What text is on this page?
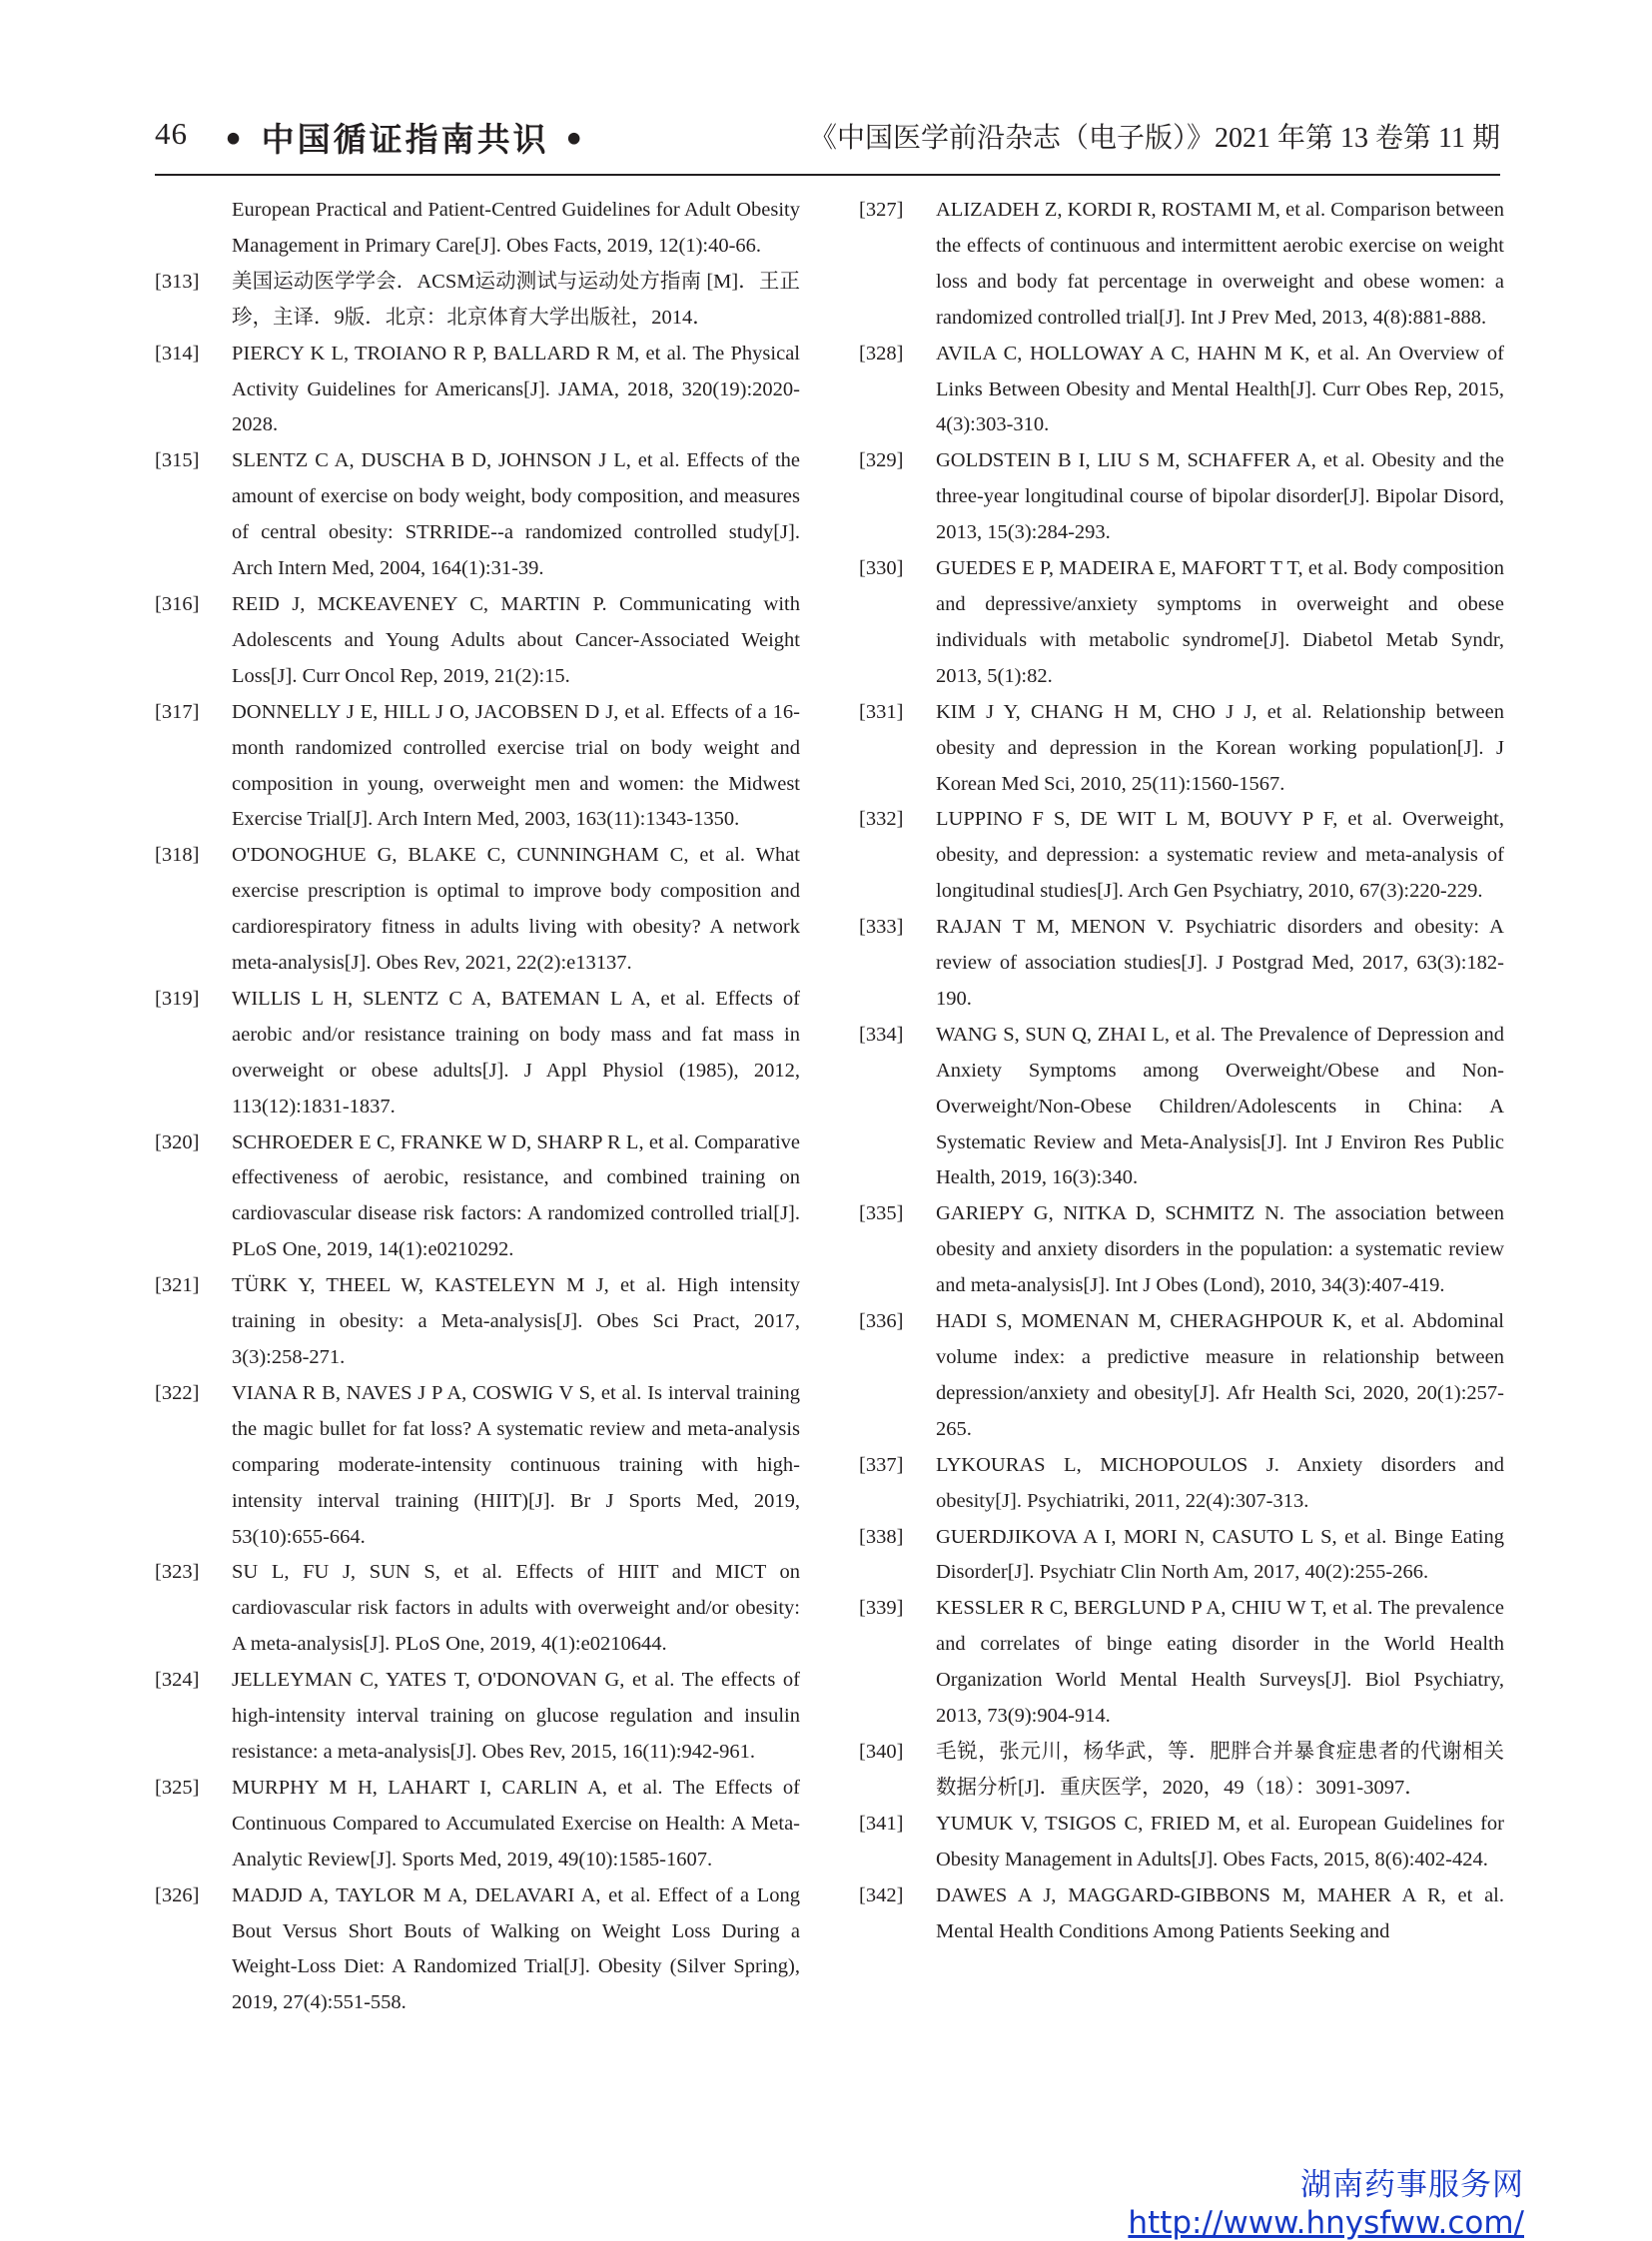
46 • 中国循证指南共识 •	《中国医学前沿杂志（电子版）》2021 年第 13 卷第 11 期
European Practical and Patient-Centred Guidelines for Adult Obesity Management in Primary Care[J]. Obes Facts, 2019, 12(1):40-66.

[313] 美国运动医学学会．ACSM运动测试与运动处方指南 [M]．王正珍，主译．9版．北京：北京体育大学出版社，2014．

[314] PIERCY K L, TROIANO R P, BALLARD R M, et al. The Physical Activity Guidelines for Americans[J]. JAMA, 2018, 320(19):2020-2028.

[315] SLENTZ C A, DUSCHA B D, JOHNSON J L, et al. Effects of the amount of exercise on body weight, body composition, and measures of central obesity: STRRIDE--a randomized controlled study[J]. Arch Intern Med, 2004, 164(1):31-39.

[316] REID J, MCKEAVENEY C, MARTIN P. Communicating with Adolescents and Young Adults about Cancer-Associated Weight Loss[J]. Curr Oncol Rep, 2019, 21(2):15.

[317] DONNELLY J E, HILL J O, JACOBSEN D J, et al. Effects of a 16-month randomized controlled exercise trial on body weight and composition in young, overweight men and women: the Midwest Exercise Trial[J]. Arch Intern Med, 2003, 163(11):1343-1350.

[318] O'DONOGHUE G, BLAKE C, CUNNINGHAM C, et al. What exercise prescription is optimal to improve body composition and cardiorespiratory fitness in adults living with obesity? A network meta-analysis[J]. Obes Rev, 2021, 22(2):e13137.

[319] WILLIS L H, SLENTZ C A, BATEMAN L A, et al. Effects of aerobic and/or resistance training on body mass and fat mass in overweight or obese adults[J]. J Appl Physiol (1985), 2012, 113(12):1831-1837.

[320] SCHROEDER E C, FRANKE W D, SHARP R L, et al. Comparative effectiveness of aerobic, resistance, and combined training on cardiovascular disease risk factors: A randomized controlled trial[J]. PLoS One, 2019, 14(1):e0210292.

[321] TÜRK Y, THEEL W, KASTELEYN M J, et al. High intensity training in obesity: a Meta-analysis[J]. Obes Sci Pract, 2017, 3(3):258-271.

[322] VIANA R B, NAVES J P A, COSWIG V S, et al. Is interval training the magic bullet for fat loss? A systematic review and meta-analysis comparing moderate-intensity continuous training with high-intensity interval training (HIIT)[J]. Br J Sports Med, 2019, 53(10):655-664.

[323] SU L, FU J, SUN S, et al. Effects of HIIT and MICT on cardiovascular risk factors in adults with overweight and/or obesity: A meta-analysis[J]. PLoS One, 2019, 4(1):e0210644.

[324] JELLEYMAN C, YATES T, O'DONOVAN G, et al. The effects of high-intensity interval training on glucose regulation and insulin resistance: a meta-analysis[J]. Obes Rev, 2015, 16(11):942-961.

[325] MURPHY M H, LAHART I, CARLIN A, et al. The Effects of Continuous Compared to Accumulated Exercise on Health: A Meta-Analytic Review[J]. Sports Med, 2019, 49(10):1585-1607.

[326] MADJD A, TAYLOR M A, DELAVARI A, et al. Effect of a Long Bout Versus Short Bouts of Walking on Weight Loss During a Weight-Loss Diet: A Randomized Trial[J]. Obesity (Silver Spring), 2019, 27(4):551-558.

[327] ALIZADEH Z, KORDI R, ROSTAMI M, et al. Comparison between the effects of continuous and intermittent aerobic exercise on weight loss and body fat percentage in overweight and obese women: a randomized controlled trial[J]. Int J Prev Med, 2013, 4(8):881-888.

[328] AVILA C, HOLLOWAY A C, HAHN M K, et al. An Overview of Links Between Obesity and Mental Health[J]. Curr Obes Rep, 2015, 4(3):303-310.

[329] GOLDSTEIN B I, LIU S M, SCHAFFER A, et al. Obesity and the three-year longitudinal course of bipolar disorder[J]. Bipolar Disord, 2013, 15(3):284-293.

[330] GUEDES E P, MADEIRA E, MAFORT T T, et al. Body composition and depressive/anxiety symptoms in overweight and obese individuals with metabolic syndrome[J]. Diabetol Metab Syndr, 2013, 5(1):82.

[331] KIM J Y, CHANG H M, CHO J J, et al. Relationship between obesity and depression in the Korean working population[J]. J Korean Med Sci, 2010, 25(11):1560-1567.

[332] LUPPINO F S, DE WIT L M, BOUVY P F, et al. Overweight, obesity, and depression: a systematic review and meta-analysis of longitudinal studies[J]. Arch Gen Psychiatry, 2010, 67(3):220-229.

[333] RAJAN T M, MENON V. Psychiatric disorders and obesity: A review of association studies[J]. J Postgrad Med, 2017, 63(3):182-190.

[334] WANG S, SUN Q, ZHAI L, et al. The Prevalence of Depression and Anxiety Symptoms among Overweight/Obese and Non-Overweight/Non-Obese Children/Adolescents in China: A Systematic Review and Meta-Analysis[J]. Int J Environ Res Public Health, 2019, 16(3):340.

[335] GARIEPY G, NITKA D, SCHMITZ N. The association between obesity and anxiety disorders in the population: a systematic review and meta-analysis[J]. Int J Obes (Lond), 2010, 34(3):407-419.

[336] HADI S, MOMENAN M, CHERAGHPOUR K, et al. Abdominal volume index: a predictive measure in relationship between depression/anxiety and obesity[J]. Afr Health Sci, 2020, 20(1):257-265.

[337] LYKOURAS L, MICHOPOULOS J. Anxiety disorders and obesity[J]. Psychiatriki, 2011, 22(4):307-313.

[338] GUERDJIKOVA A I, MORI N, CASUTO L S, et al. Binge Eating Disorder[J]. Psychiatr Clin North Am, 2017, 40(2):255-266.

[339] KESSLER R C, BERGLUND P A, CHIU W T, et al. The prevalence and correlates of binge eating disorder in the World Health Organization World Mental Health Surveys[J]. Biol Psychiatry, 2013, 73(9):904-914.

[340] 毛锐，张元川，杨华武，等．肥胖合并暴食症患者的代谢相关数据分析[J]．重庆医学，2020，49（18）：3091-3097．

[341] YUMUK V, TSIGOS C, FRIED M, et al. European Guidelines for Obesity Management in Adults[J]. Obes Facts, 2015, 8(6):402-424.

[342] DAWES A J, MAGGARD-GIBBONS M, MAHER A R, et al. Mental Health Conditions Among Patients Seeking and

湖南药事服务网
http://www.hnysfww.com/
